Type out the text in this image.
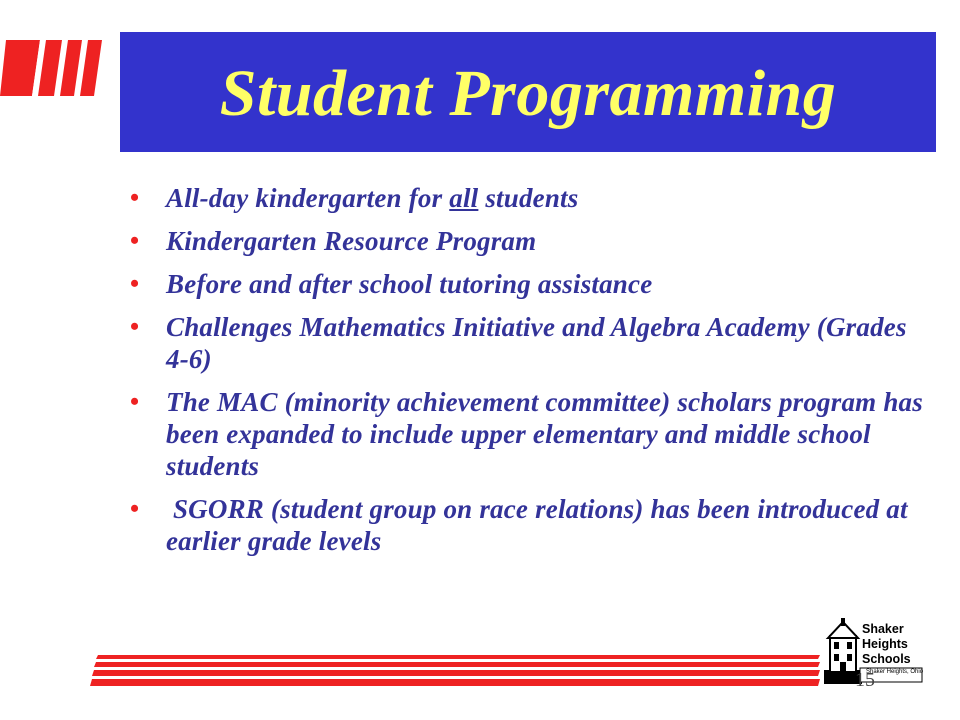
Student Programming
• All-day kindergarten for all students
• Kindergarten Resource Program
• Before and after school tutoring assistance
• Challenges Mathematics Initiative and Algebra Academy (Grades 4-6)
• The MAC (minority achievement committee) scholars program has been expanded to include upper elementary and middle school students
• SGORR (student group on race relations) has been introduced at earlier grade levels
Shaker
Heights
Schools
15
Shaker Heights, Ohio
